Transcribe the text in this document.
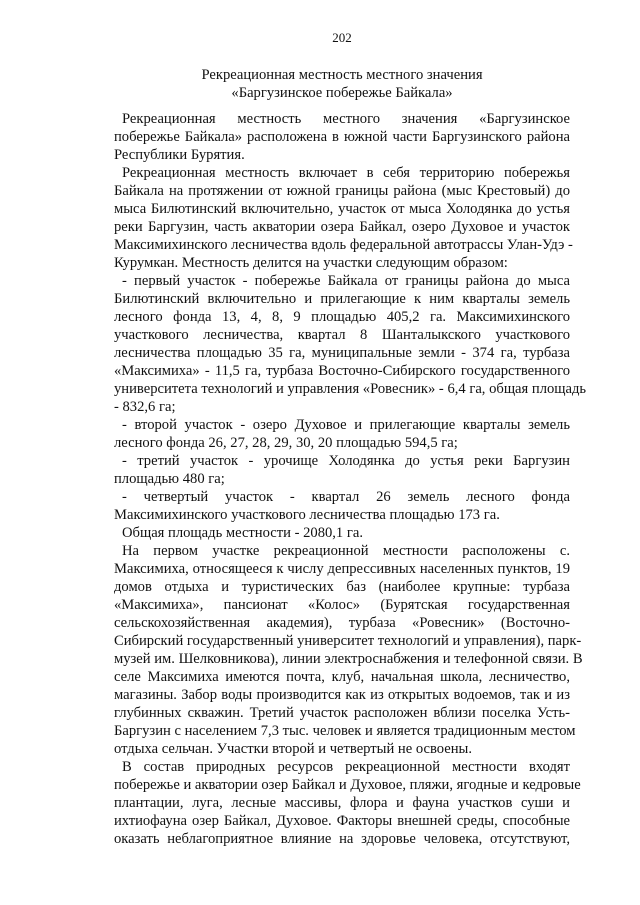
202
Рекреационная местность местного значения
«Баргузинское побережье Байкала»
Рекреационная местность местного значения «Баргузинское
побережье Байкала» расположена в южной части Баргузинского района
Республики Бурятия.
Рекреационная местность включает в себя территорию побережья
Байкала на протяжении от южной границы района (мыс Крестовый) до
мыса Билютинский включительно, участок от мыса Холодянка до устья
реки Баргузин, часть акватории озера Байкал, озеро Духовое и участок
Максимихинского лесничества вдоль федеральной автотрассы Улан-Удэ -
Курумкан. Местность делится на участки следующим образом:
- первый участок - побережье Байкала от границы района до мыса
Билютинский включительно и прилегающие к ним кварталы земель
лесного фонда 13, 4, 8, 9 площадью 405,2 га. Максимихинского
участкового лесничества, квартал 8 Шанталыкского участкового
лесничества площадью 35 га, муниципальные земли - 374 га, турбаза
«Максимиха» - 11,5 га, турбаза Восточно-Сибирского государственного
университета технологий и управления «Ровесник» - 6,4 га, общая площадь
- 832,6 га;
- второй участок - озеро Духовое и прилегающие кварталы земель
лесного фонда 26, 27, 28, 29, 30, 20 площадью 594,5 га;
- третий участок - урочище Холодянка до устья реки Баргузин
площадью 480 га;
- четвертый участок - квартал 26 земель лесного фонда
Максимихинского участкового лесничества площадью 173 га.
Общая площадь местности - 2080,1 га.
На первом участке рекреационной местности расположены с.
Максимиха, относящееся к числу депрессивных населенных пунктов, 19
домов отдыха и туристических баз (наиболее крупные: турбаза
«Максимиха», пансионат «Колос» (Бурятская государственная
сельскохозяйственная академия), турбаза «Ровесник» (Восточно-
Сибирский государственный университет технологий и управления), парк-
музей им. Шелковникова), линии электроснабжения и телефонной связи. В
селе Максимиха имеются почта, клуб, начальная школа, лесничество,
магазины. Забор воды производится как из открытых водоемов, так и из
глубинных скважин. Третий участок расположен вблизи поселка Усть-
Баргузин с населением 7,3 тыс. человек и является традиционным местом
отдыха сельчан. Участки второй и четвертый не освоены.
В состав природных ресурсов рекреационной местности входят
побережье и акватории озер Байкал и Духовое, пляжи, ягодные и кедровые
плантации, луга, лесные массивы, флора и фауна участков суши и
ихтиофауна озер Байкал, Духовое. Факторы внешней среды, способные
оказать неблагоприятное влияние на здоровье человека, отсутствуют,
